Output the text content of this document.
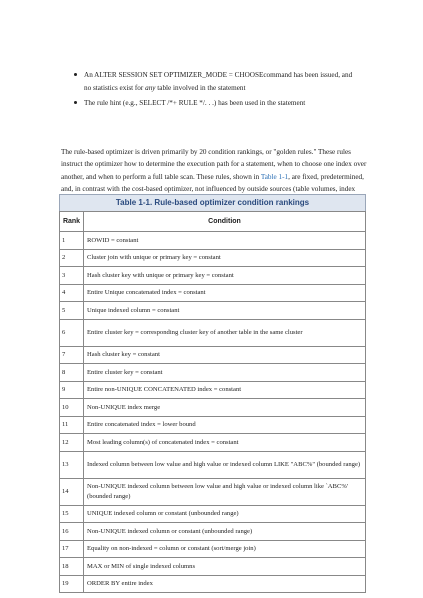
An ALTER SESSION SET OPTIMIZER_MODE = CHOOSEcommand has been issued, and no statistics exist for any table involved in the statement
The rule hint (e.g., SELECT /*+ RULE */. . .) has been used in the statement

The rule-based optimizer is driven primarily by 20 condition rankings, or "golden rules." These rules instruct the optimizer how to determine the execution path for a statement, when to choose one index over another, and when to perform a full table scan. These rules, shown in Table 1-1, are fixed, predetermined, and, in contrast with the cost-based optimizer, not influenced by outside sources (table volumes, index

Table 1-1. Rule-based optimizer condition rankings
Rank	Condition
1	ROWID = constant
2	Cluster join with unique or primary key = constant
3	Hash cluster key with unique or primary key = constant
4	Entire Unique concatenated index = constant
5	Unique indexed column = constant
6	Entire cluster key = corresponding cluster key of another table in the same cluster
7	Hash cluster key = constant
8	Entire cluster key = constant
9	Entire non-UNIQUE CONCATENATED index = constant
10	Non-UNIQUE index merge
11	Entire concatenated index = lower bound
12	Most leading column(s) of concatenated index = constant
13	Indexed column between low value and high value or indexed column LIKE "ABC%" (bounded range)
14	Non-UNIQUE indexed column between low value and high value or indexed column like `ABC%' (bounded range)
15	UNIQUE indexed column or constant (unbounded range)
16	Non-UNIQUE indexed column or constant (unbounded range)
17	Equality on non-indexed = column or constant (sort/merge join)
18	MAX or MIN of single indexed columns
19	ORDER BY entire index
